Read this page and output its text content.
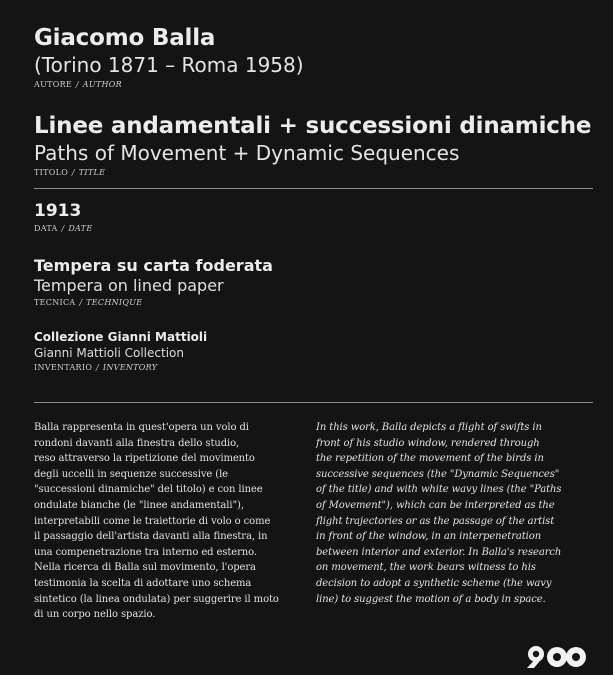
Giacomo Balla
(Torino 1871 – Roma 1958)
AUTORE / AUTHOR
Linee andamentali + successioni dinamiche
Paths of Movement + Dynamic Sequences
TITOLO / TITLE
1913
DATA / DATE
Tempera su carta foderata
Tempera on lined paper
TECNICA / TECHNIQUE
Collezione Gianni Mattioli
Gianni Mattioli Collection
INVENTARIO / INVENTORY

Balla rappresenta in quest'opera un volo di

rondoni davanti alla finestra dello studio,

reso attraverso la ripetizione del movimento

degli uccelli in sequenze successive (le

"successioni dinamiche" del titolo) e con linee

ondulate bianche (le "linee andamentali"),

interpretabili come le traiettorie di volo o come

il passaggio dell'artista davanti alla finestra, in

una compenetrazione tra interno ed esterno.

Nella ricerca di Balla sul movimento, l'opera

testimonia la scelta di adottare uno schema

sintetico (la linea ondulata) per suggerire il moto

di un corpo nello spazio.

In this work, Balla depicts a flight of swifts in

front of his studio window, rendered through

the repetition of the movement of the birds in

successive sequences (the "Dynamic Sequences"

of the title) and with white wavy lines (the "Paths

of Movement"), which can be interpreted as the

flight trajectories or as the passage of the artist

in front of the window, in an interpenetration

between interior and exterior. In Balla's research

on movement, the work bears witness to his

decision to adopt a synthetic scheme (the wavy

line) to suggest the motion of a body in space.
